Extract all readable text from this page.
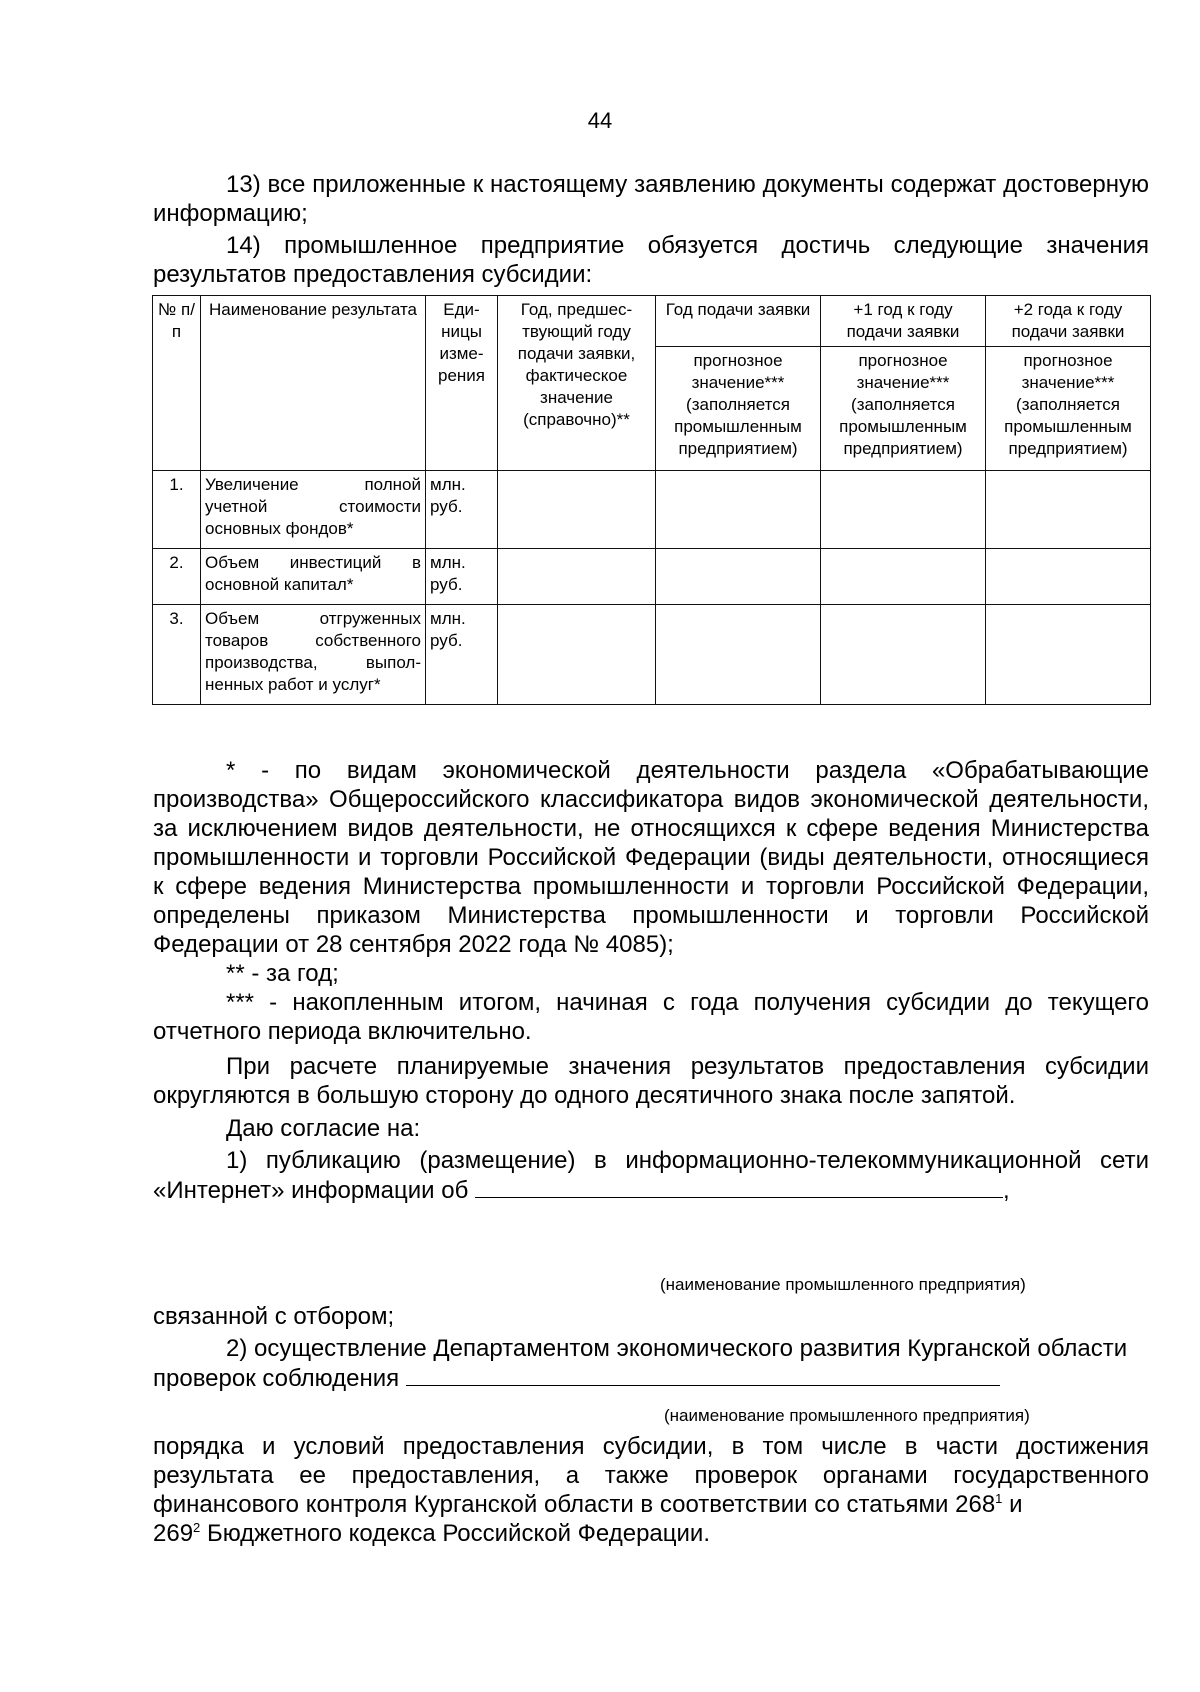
44

13) все приложенные к настоящему заявлению документы содержат достоверную информацию;

14) промышленное предприятие обязуется достичь следующие значения результатов предоставления субсидии:

№ п/п	Наименование результата	Еди-ницы изме-рения	Год, предшес-твующий году подачи заявки, фактическое значение (справочно)**	Год подачи заявки	+1 год к году подачи заявки	+2 года к году подачи заявки
				прогнозное значение*** (заполняется промышленным предприятием)	прогнозное значение*** (заполняется промышленным предприятием)	прогнозное значение*** (заполняется промышленным предприятием)
1.	Увеличение полной учетной стоимости основных фондов*	млн. руб.				
2.	Объем инвестиций в основной капитал*	млн. руб.				
3.	Объем отгруженных товаров собственного производства, выпол-ненных работ и услуг*	млн. руб.				

* - по видам экономической деятельности раздела «Обрабатывающие производства» Общероссийского классификатора видов экономической деятельности, за исключением видов деятельности, не относящихся к сфере ведения Министерства промышленности и торговли Российской Федерации (виды деятельности, относящиеся к сфере ведения Министерства промышленности и торговли Российской Федерации, определены приказом Министерства промышленности и торговли Российской Федерации от 28 сентября 2022 года № 4085);

** - за год;

*** - накопленным итогом, начиная с года получения субсидии до текущего отчетного периода включительно.

При расчете планируемые значения результатов предоставления субсидии округляются в большую сторону до одного десятичного знака после запятой.

Даю согласие на:

1) публикацию (размещение) в информационно-телекоммуникационной сети «Интернет» информации об	,

(наименование промышленного предприятия)

связанной с отбором;

2) осуществление Департаментом экономического развития Курганской области проверок соблюдения

(наименование промышленного предприятия)

порядка и условий предоставления субсидии, в том числе в части достижения результата ее предоставления, а также проверок органами государственного финансового контроля Курганской области в соответствии со статьями $268^1$ и
$269^2$ Бюджетного кодекса Российской Федерации.
